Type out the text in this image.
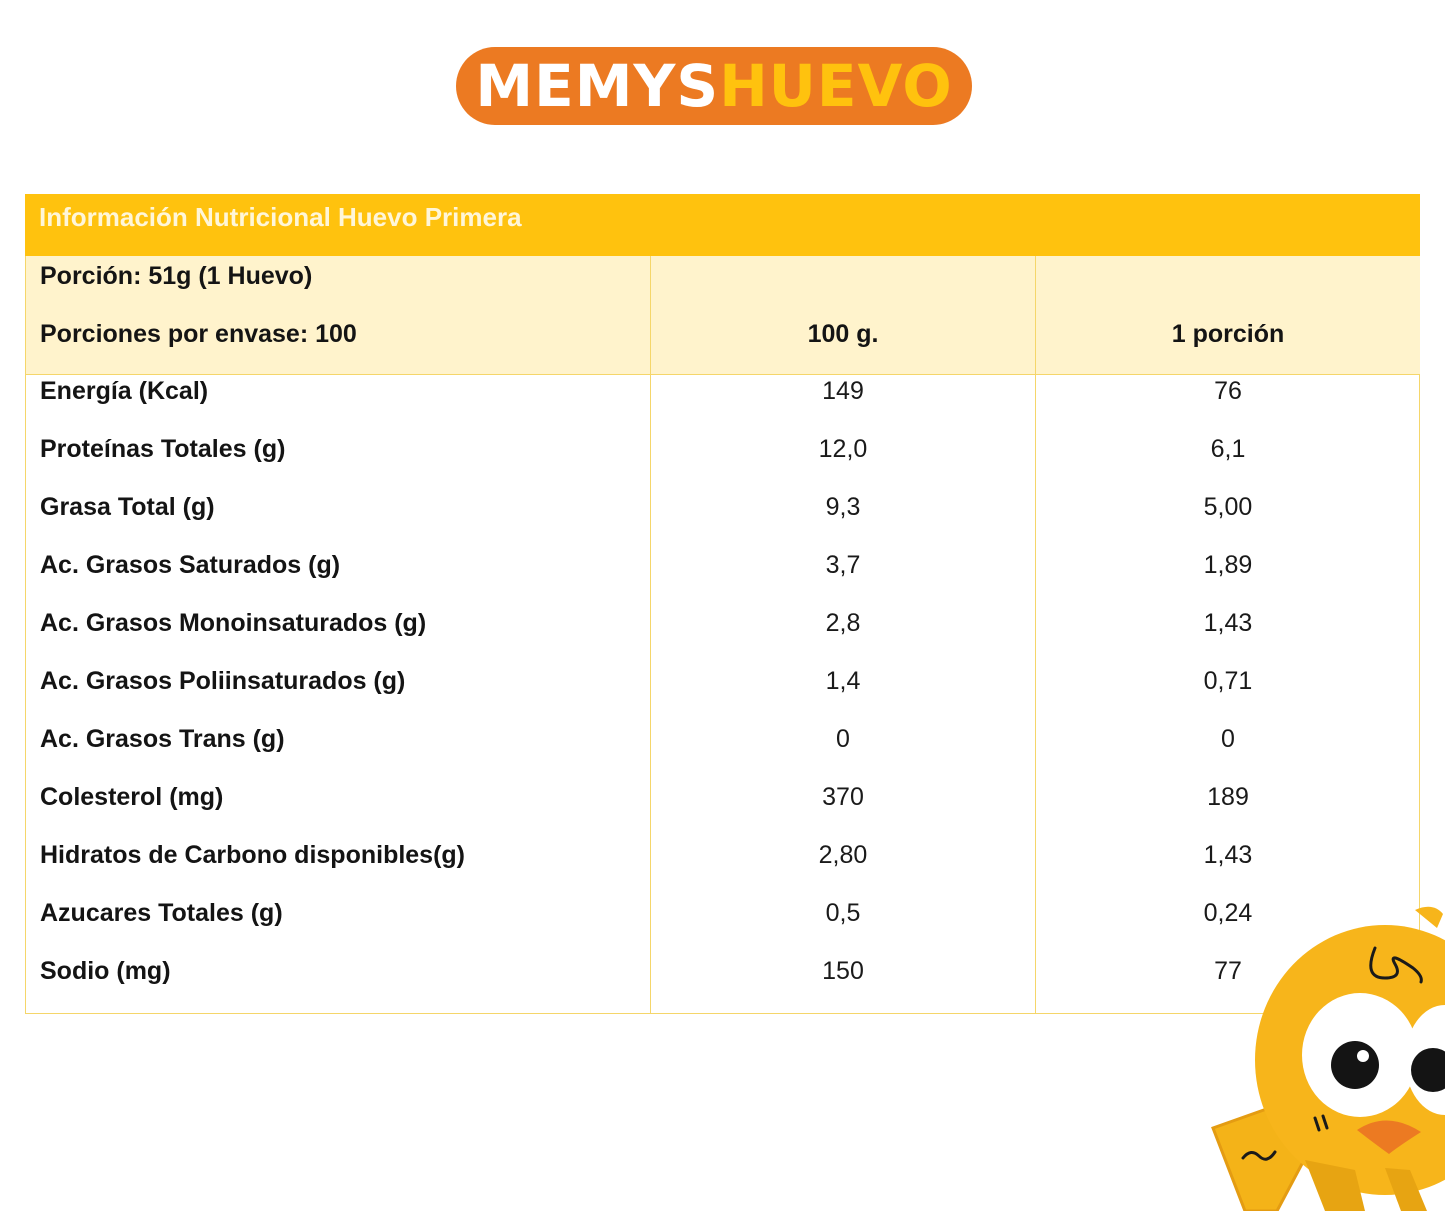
MEMYS HUEVO
Información Nutricional Huevo Primera
Porción: 51g (1 Huevo)
Porciones por envase: 100	100 g.	1 porción
Energía (Kcal)	149	76
Proteínas Totales (g)	12,0	6,1
Grasa Total (g)	9,3	5,00
Ac. Grasos Saturados (g)	3,7	1,89
Ac. Grasos Monoinsaturados (g)	2,8	1,43
Ac. Grasos Poliinsaturados (g)	1,4	0,71
Ac. Grasos Trans (g)	0	0
Colesterol (mg)	370	189
Hidratos de Carbono disponibles(g)	2,80	1,43
Azucares Totales (g)	0,5	0,24
Sodio (mg)	150	77
